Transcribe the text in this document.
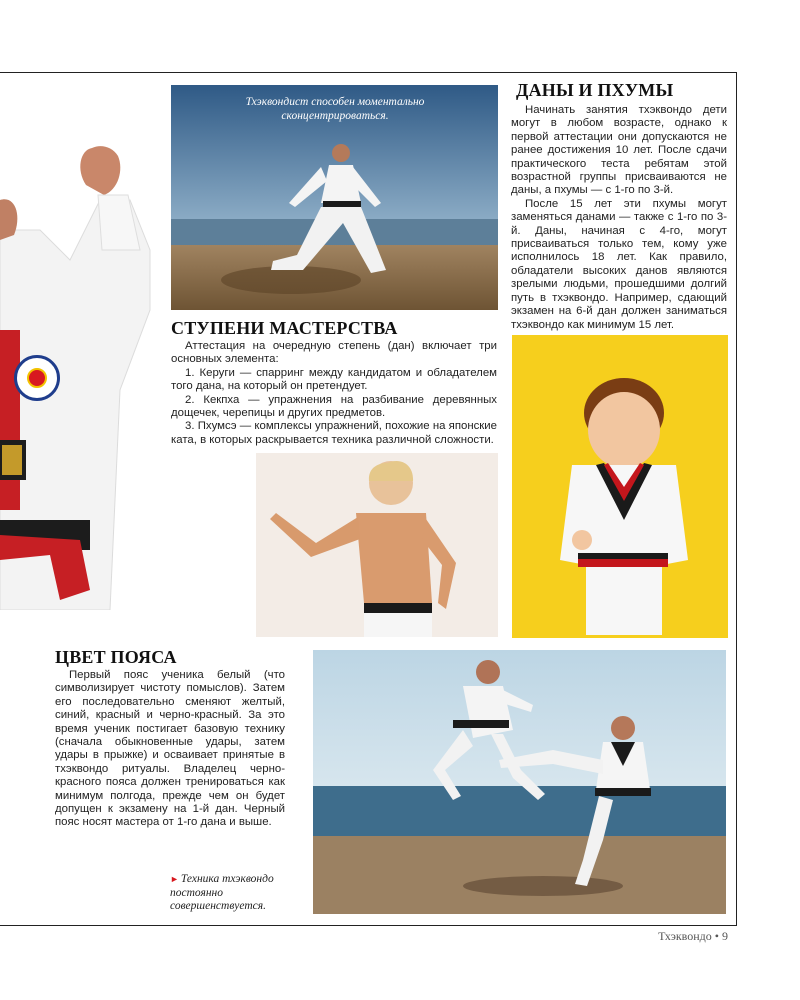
Тхэквондист способен моментально сконцентрироваться.
ДАНЫ И ПХУМЫ

Начинать занятия тхэквондо дети могут в любом возрасте, однако к первой аттестации они допускаются не ранее достижения 10 лет. После сдачи практического теста ребятам этой возрастной группы присваиваются не даны, а пхумы — с 1-го по 3-й.

После 15 лет эти пхумы могут заменяться данами — также с 1-го по 3-й. Даны, начиная с 4-го, могут присваиваться только тем, кому уже исполнилось 18 лет. Как правило, обладатели высоких данов являются зрелыми людьми, прошедшими долгий путь в тхэквондо. Например, сдающий экзамен на 6-й дан должен заниматься тхэквондо как минимум 15 лет.

СТУПЕНИ МАСТЕРСТВА

Аттестация на очередную степень (дан) включает три основных элемента:

1. Керуги — спарринг между кандидатом и обладателем того дана, на который он претендует.

2. Кекпха — упражнения на разбивание деревянных дощечек, черепицы и других предметов.

3. Пхумсэ — комплексы упражнений, похожие на японские ката, в которых раскрывается техника различной сложности.

ЦВЕТ ПОЯСА

Первый пояс ученика белый (что символизирует чистоту помыслов). Затем его последовательно сменяют желтый, синий, красный и черно-красный. За это время ученик постигает базовую технику (сначала обыкновенные удары, затем удары в прыжке) и осваивает принятые в тхэквондо ритуалы. Владелец черно-красного пояса должен тренироваться как минимум полгода, прежде чем он будет допущен к экзамену на 1-й дан. Черный пояс носят мастера от 1-го дана и выше.

► Техника тхэквондо постоянно совершенствуется.
Тхэквондо • 9
